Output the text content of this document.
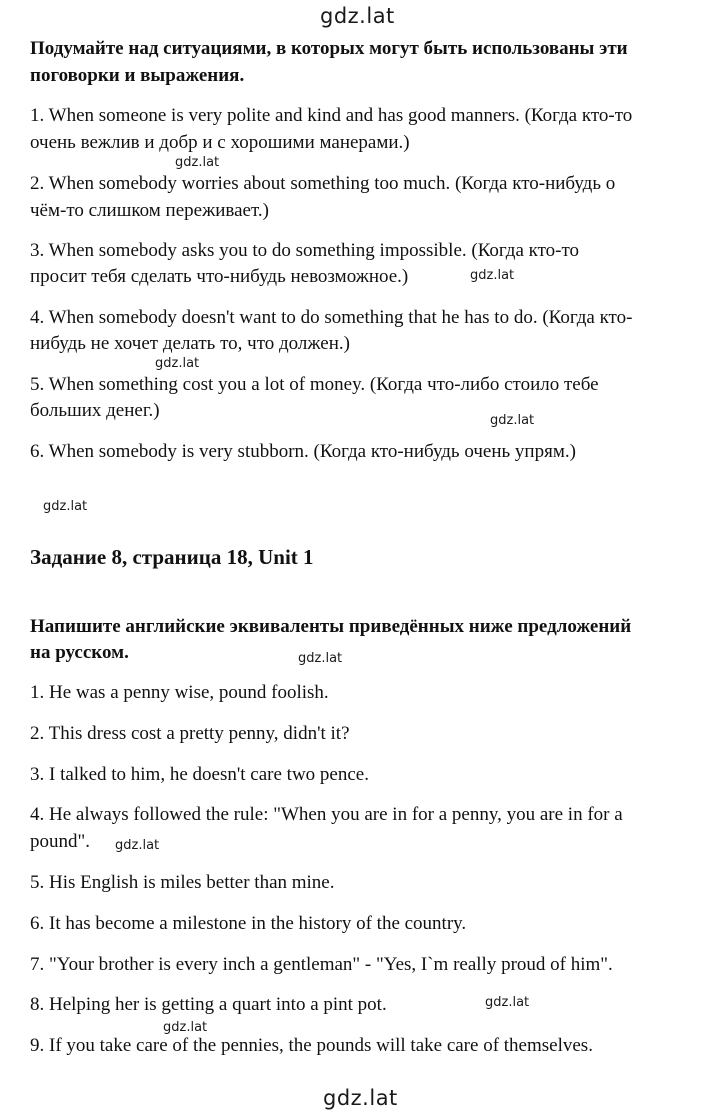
gdz.lat
gdz.lat
gdz.lat
gdz.lat
gdz.lat
gdz.lat
gdz.lat
gdz.lat
gdz.lat
gdz.lat
gdz.lat

Подумайте над ситуациями, в которых могут быть использованы эти

поговорки и выражения.

1. When someone is very polite and kind and has good manners. (Когда кто-то

очень вежлив и добр и с хорошими манерами.)

2. When somebody worries about something too much. (Когда кто-нибудь о

чём-то слишком переживает.)

3. When somebody asks you to do something impossible. (Когда кто-то

просит тебя сделать что-нибудь невозможное.)

4. When somebody doesn't want to do something that he has to do. (Когда кто-

нибудь не хочет делать то, что должен.)

5. When something cost you a lot of money. (Когда что-либо стоило тебе

больших денег.)

6. When somebody is very stubborn. (Когда кто-нибудь очень упрям.)

Задание 8, страница 18, Unit 1

Напишите английские эквиваленты приведённых ниже предложений

на русском.

1. He was a penny wise, pound foolish.

2. This dress cost a pretty penny, didn't it?

3. I talked to him, he doesn't care two pence.

4. He always followed the rule: "When you are in for a penny, you are in for a

pound".

5. His English is miles better than mine.

6. It has become a milestone in the history of the country.

7. "Your brother is every inch a gentleman" - "Yes, I`m really proud of him".

8. Helping her is getting a quart into a pint pot.

9. If you take care of the pennies, the pounds will take care of themselves.
